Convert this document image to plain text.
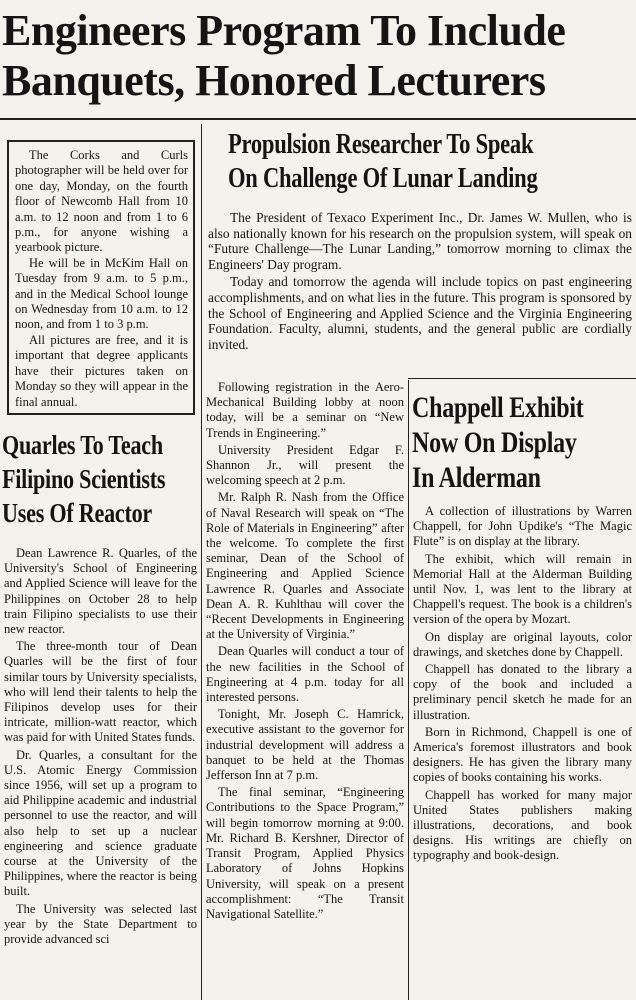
Engineers Program To Include
Banquets, Honored Lecturers

The Corks and Curls photographer will be held over for one day, Monday, on the fourth floor of Newcomb Hall from 10 a.m. to 12 noon and from 1 to 6 p.m., for anyone wishing a yearbook picture.

He will be in McKim Hall on Tuesday from 9 a.m. to 5 p.m., and in the Medical School lounge on Wednesday from 10 a.m. to 12 noon, and from 1 to 3 p.m.

All pictures are free, and it is important that degree applicants have their pictures taken on Monday so they will appear in the final annual.

Quarles To Teach
Filipino Scientists
Uses Of Reactor

Dean Lawrence R. Quarles, of the University's School of Engineering and Applied Science will leave for the Philippines on October 28 to help train Filipino specialists to use their new reactor.

The three-month tour of Dean Quarles will be the first of four similar tours by University specialists, who will lend their talents to help the Filipinos develop uses for their intricate, million-watt reactor, which was paid for with United States funds.

Dr. Quarles, a consultant for the U.S. Atomic Energy Commission since 1956, will set up a program to aid Philippine academic and industrial personnel to use the reactor, and will also help to set up a nuclear engineering and science graduate course at the University of the Philippines, where the reactor is being built.

The University was selected last year by the State Department to provide advanced sci

Propulsion Researcher To Speak
On Challenge Of Lunar Landing

The President of Texaco Experiment Inc., Dr. James W. Mullen, who is also nationally known for his research on the propulsion system, will speak on “Future Challenge—The Lunar Landing,” tomorrow morning to climax the Engineers' Day program.

Today and tomorrow the agenda will include topics on past engineering accomplishments, and on what lies in the future. This program is sponsored by the School of Engineering and Applied Science and the Virginia Engineering Foundation. Faculty, alumni, students, and the general public are cordially invited.

Following registration in the Aero-Mechanical Building lobby at noon today, will be a seminar on “New Trends in Engineering.”

University President Edgar F. Shannon Jr., will present the welcoming speech at 2 p.m.

Mr. Ralph R. Nash from the Office of Naval Research will speak on “The Role of Materials in Engineering” after the welcome. To complete the first seminar, Dean of the School of Engineering and Applied Science Lawrence R. Quarles and Associate Dean A. R. Kuhlthau will cover the “Recent Developments in Engineering at the University of Virginia.”

Dean Quarles will conduct a tour of the new facilities in the School of Engineering at 4 p.m. today for all interested persons.

Tonight, Mr. Joseph C. Hamrick, executive assistant to the governor for industrial development will address a banquet to be held at the Thomas Jefferson Inn at 7 p.m.

The final seminar, “Engineering Contributions to the Space Program,” will begin tomorrow morning at 9:00. Mr. Richard B. Kershner, Director of Transit Program, Applied Physics Laboratory of Johns Hopkins University, will speak on a present accomplishment: “The Transit Navigational Satellite.”

Chappell Exhibit
Now On Display
In Alderman

A collection of illustrations by Warren Chappell, for John Updike's “The Magic Flute” is on display at the library.

The exhibit, which will remain in Memorial Hall at the Alderman Building until Nov. 1, was lent to the library at Chappell's request. The book is a children's version of the opera by Mozart.

On display are original layouts, color drawings, and sketches done by Chappell.

Chappell has donated to the library a copy of the book and included a preliminary pencil sketch he made for an illustration.

Born in Richmond, Chappell is one of America's foremost illustrators and book designers. He has given the library many copies of books containing his works.

Chappell has worked for many major United States publishers making illustrations, decorations, and book designs. His writings are chiefly on typography and book-design.
